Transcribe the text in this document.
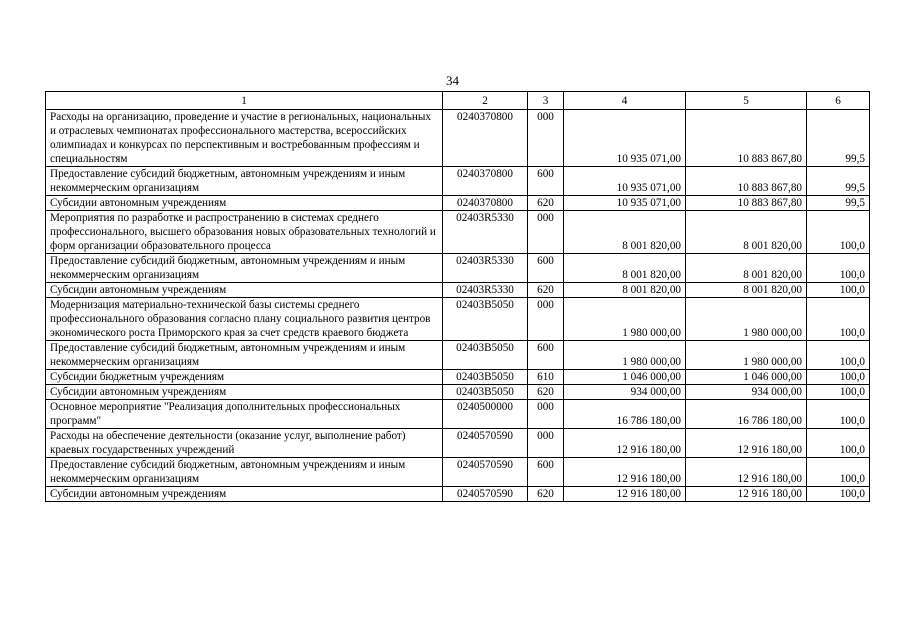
34
1	2	3	4	5	6
Расходы на организацию, проведение и участие в региональных, национальных и отраслевых чемпионатах профессионального мастерства, всероссийских олимпиадах и конкурсах по перспективным и востребованным профессиям и специальностям	0240370800	000	10 935 071,00	10 883 867,80	99,5
Предоставление субсидий бюджетным, автономным учреждениям и иным некоммерческим организациям	0240370800	600	10 935 071,00	10 883 867,80	99,5
Субсидии автономным учреждениям	0240370800	620	10 935 071,00	10 883 867,80	99,5
Мероприятия по разработке и распространению в системах среднего профессионального, высшего образования новых образовательных технологий и форм организации образовательного процесса	02403R5330	000	8 001 820,00	8 001 820,00	100,0
Предоставление субсидий бюджетным, автономным учреждениям и иным некоммерческим организациям	02403R5330	600	8 001 820,00	8 001 820,00	100,0
Субсидии автономным учреждениям	02403R5330	620	8 001 820,00	8 001 820,00	100,0
Модернизация материально-технической базы системы среднего профессионального образования согласно плану социального развития центров экономического роста Приморского края за счет средств краевого бюджета	02403B5050	000	1 980 000,00	1 980 000,00	100,0
Предоставление субсидий бюджетным, автономным учреждениям и иным некоммерческим организациям	02403B5050	600	1 980 000,00	1 980 000,00	100,0
Субсидии бюджетным учреждениям	02403B5050	610	1 046 000,00	1 046 000,00	100,0
Субсидии автономным учреждениям	02403B5050	620	934 000,00	934 000,00	100,0
Основное мероприятие "Реализация дополнительных профессиональных программ"	0240500000	000	16 786 180,00	16 786 180,00	100,0
Расходы на обеспечение деятельности (оказание услуг, выполнение работ) краевых государственных учреждений	0240570590	000	12 916 180,00	12 916 180,00	100,0
Предоставление субсидий бюджетным, автономным учреждениям и иным некоммерческим организациям	0240570590	600	12 916 180,00	12 916 180,00	100,0
Субсидии автономным учреждениям	0240570590	620	12 916 180,00	12 916 180,00	100,0
